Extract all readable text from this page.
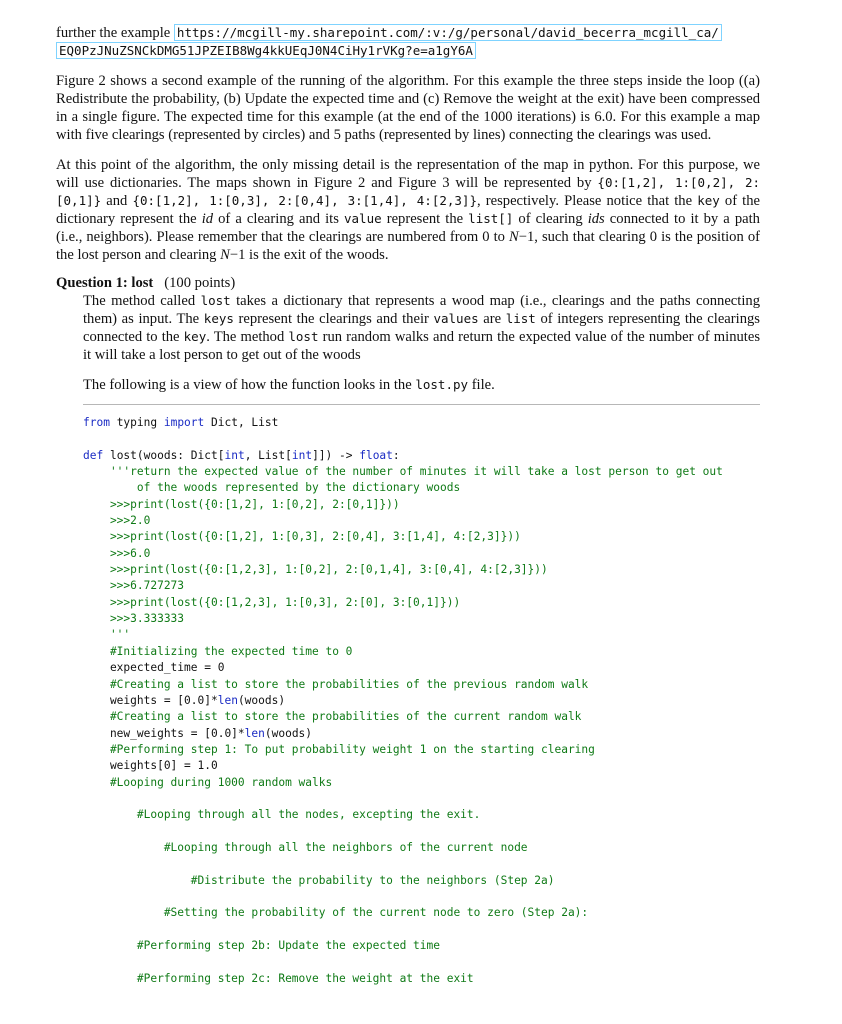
further the example https://mcgill-my.sharepoint.com/:v:/g/personal/david_becerra_mcgill_ca/
EQ0PzJNuZSNCkDMG51JPZEIB8Wg4kkUEqJ0N4CiHy1rVKg?e=a1gY6A

Figure 2 shows a second example of the running of the algorithm. For this example the three steps inside the loop ((a) Redistribute the probability, (b) Update the expected time and (c) Remove the weight at the exit) have been compressed in a single figure. The expected time for this example (at the end of the 1000 iterations) is 6.0. For this example a map with five clearings (represented by circles) and 5 paths (represented by lines) connecting the clearings was used.

At this point of the algorithm, the only missing detail is the representation of the map in python. For this purpose, we will use dictionaries. The maps shown in Figure 2 and Figure 3 will be represented by {0:[1,2], 1:[0,2], 2:[0,1]} and {0:[1,2], 1:[0,3], 2:[0,4], 3:[1,4], 4:[2,3]}, respectively. Please notice that the key of the dictionary represent the id of a clearing and its value represent the list[] of clearing ids connected to it by a path (i.e., neighbors). Please remember that the clearings are numbered from 0 to N−1, such that clearing 0 is the position of the lost person and clearing N−1 is the exit of the woods.

Question 1: lost (100 points)

The method called lost takes a dictionary that represents a wood map (i.e., clearings and the paths connecting them) as input. The keys represent the clearings and their values are list of integers representing the clearings connected to the key. The method lost run random walks and return the expected value of the number of minutes it will take a lost person to get out of the woods

The following is a view of how the function looks in the lost.py file.

from typing import Dict, List
def lost(woods: Dict[int, List[int]]) -> float:
'''return the expected value of the number of minutes it will take a lost person to get out
of the woods represented by the dictionary woods
>>>print(lost({0:[1,2], 1:[0,2], 2:[0,1]}))
>>>2.0
>>>print(lost({0:[1,2], 1:[0,3], 2:[0,4], 3:[1,4], 4:[2,3]}))
>>>6.0
>>>print(lost({0:[1,2,3], 1:[0,2], 2:[0,1,4], 3:[0,4], 4:[2,3]}))
>>>6.727273
>>>print(lost({0:[1,2,3], 1:[0,3], 2:[0], 3:[0,1]}))
>>>3.333333
'''
#Initializing the expected time to 0
expected_time = 0
#Creating a list to store the probabilities of the previous random walk
weights = [0.0]*len(woods)
#Creating a list to store the probabilities of the current random walk
new_weights = [0.0]*len(woods)
#Performing step 1: To put probability weight 1 on the starting clearing
weights[0] = 1.0
#Looping during 1000 random walks
#Looping through all the nodes, excepting the exit.
#Looping through all the neighbors of the current node
#Distribute the probability to the neighbors (Step 2a)
#Setting the probability of the current node to zero (Step 2a):
#Performing step 2b: Update the expected time
#Performing step 2c: Remove the weight at the exit
